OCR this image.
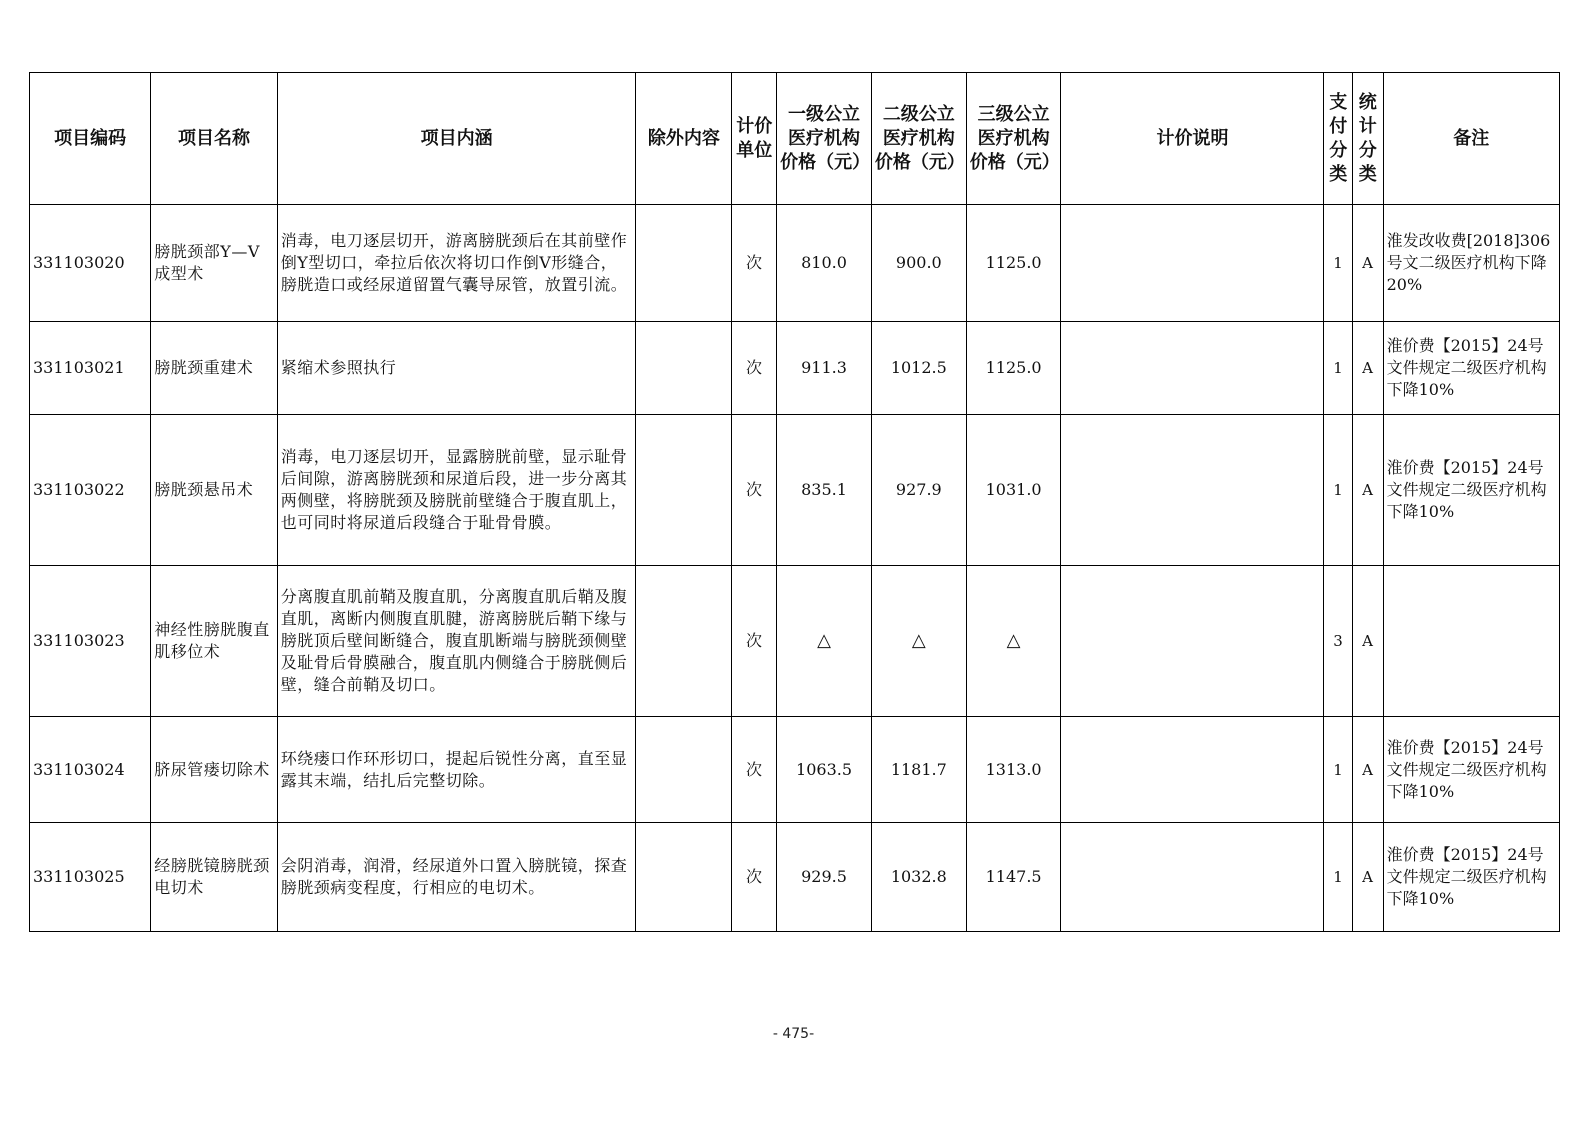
项目编码	项目名称	项目内涵	除外内容	计价单位	一级公立医疗机构价格（元）	二级公立医疗机构价格（元）	三级公立医疗机构价格（元）	计价说明	支付分类	统计分类	备注
331103020	膀胱颈部Y—V成型术	消毒，电刀逐层切开，游离膀胱颈后在其前壁作倒Y型切口，牵拉后依次将切口作倒V形缝合，膀胱造口或经尿道留置气囊导尿管，放置引流。		次	810.0	900.0	1125.0		1	A	淮发改收费[2018]306号文二级医疗机构下降20%
331103021	膀胱颈重建术	紧缩术参照执行		次	911.3	1012.5	1125.0		1	A	淮价费【2015】24号文件规定二级医疗机构下降10%
331103022	膀胱颈悬吊术	消毒，电刀逐层切开，显露膀胱前壁，显示耻骨后间隙，游离膀胱颈和尿道后段，进一步分离其两侧壁，将膀胱颈及膀胱前壁缝合于腹直肌上，也可同时将尿道后段缝合于耻骨骨膜。		次	835.1	927.9	1031.0		1	A	淮价费【2015】24号文件规定二级医疗机构下降10%
331103023	神经性膀胱腹直肌移位术	分离腹直肌前鞘及腹直肌，分离腹直肌后鞘及腹直肌，离断内侧腹直肌腱，游离膀胱后鞘下缘与膀胱顶后壁间断缝合，腹直肌断端与膀胱颈侧壁及耻骨后骨膜融合，腹直肌内侧缝合于膀胱侧后壁，缝合前鞘及切口。		次	△	△	△		3	A	
331103024	脐尿管瘘切除术	环绕瘘口作环形切口，提起后锐性分离，直至显露其末端，结扎后完整切除。		次	1063.5	1181.7	1313.0		1	A	淮价费【2015】24号文件规定二级医疗机构下降10%
331103025	经膀胱镜膀胱颈电切术	会阴消毒，润滑，经尿道外口置入膀胱镜，探查膀胱颈病变程度，行相应的电切术。		次	929.5	1032.8	1147.5		1	A	淮价费【2015】24号文件规定二级医疗机构下降10%
- 475-
